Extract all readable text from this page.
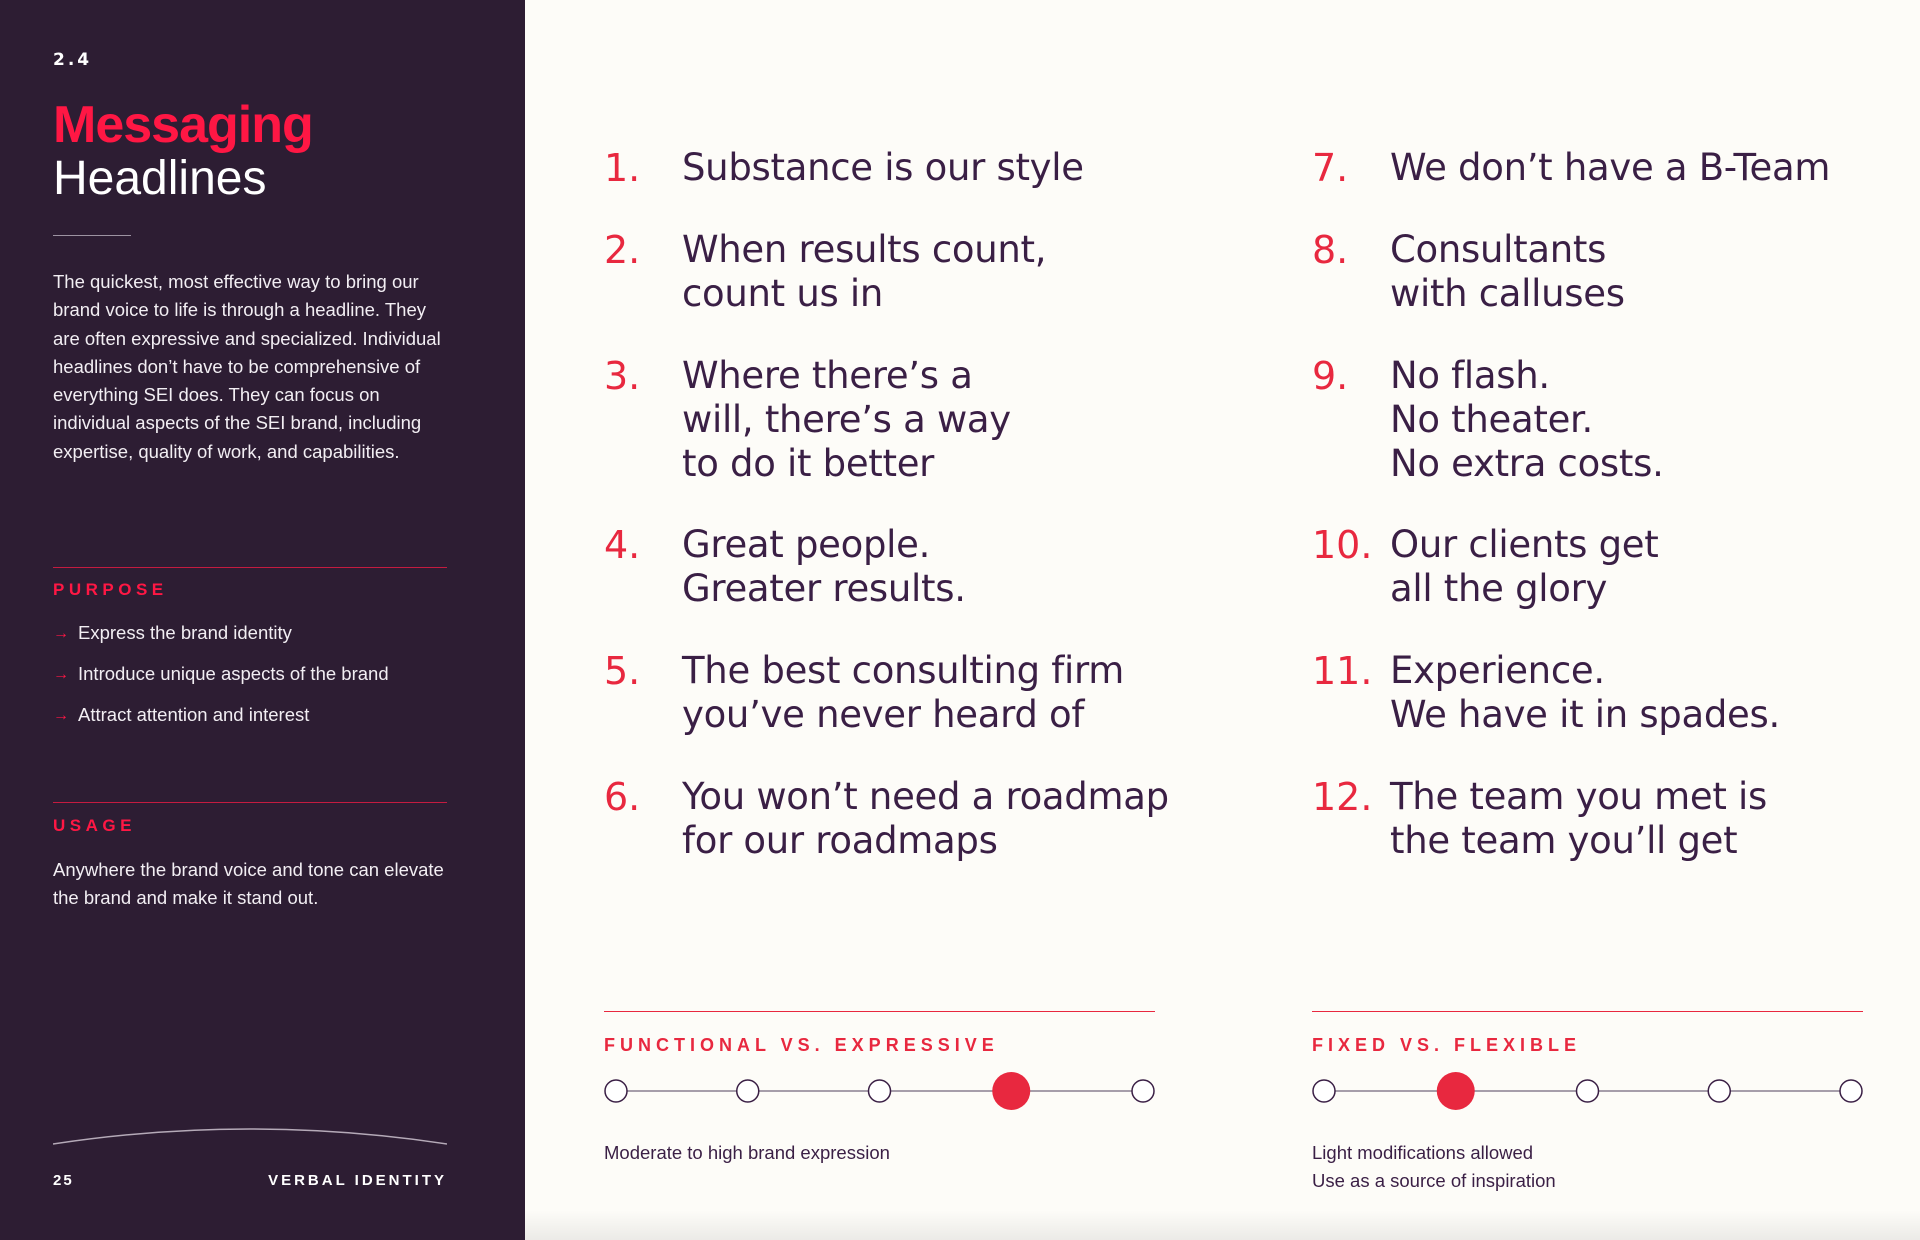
2.4
Messaging
Headlines
The quickest, most effective way to bring our brand voice to life is through a headline. They are often expressive and specialized. Individual headlines don’t have to be comprehensive of everything SEI does. They can focus on individual aspects of the SEI brand, including expertise, quality of work, and capabilities.
PURPOSE
→ Express the brand identity
→ Introduce unique aspects of the brand
→ Attract attention and interest
USAGE
Anywhere the brand voice and tone can elevate the brand and make it stand out.
25	VERBAL IDENTITY
1.	Substance is our style
2.	When results count,
count us in
3.	Where there’s a
will, there’s a way
to do it better
4.	Great people.
Greater results.
5.	The best consulting firm
you’ve never heard of
6.	You won’t need a roadmap
for our roadmaps
7.	We don’t have a B-Team
8.	Consultants
with calluses
9.	No flash.
No theater.
No extra costs.
10. Our clients get
all the glory
11. Experience.
We have it in spades.
12. The team you met is
the team you’ll get
FUNCTIONAL VS. EXPRESSIVE
Moderate to high brand expression
FIXED VS. FLEXIBLE
Light modifications allowed
Use as a source of inspiration
